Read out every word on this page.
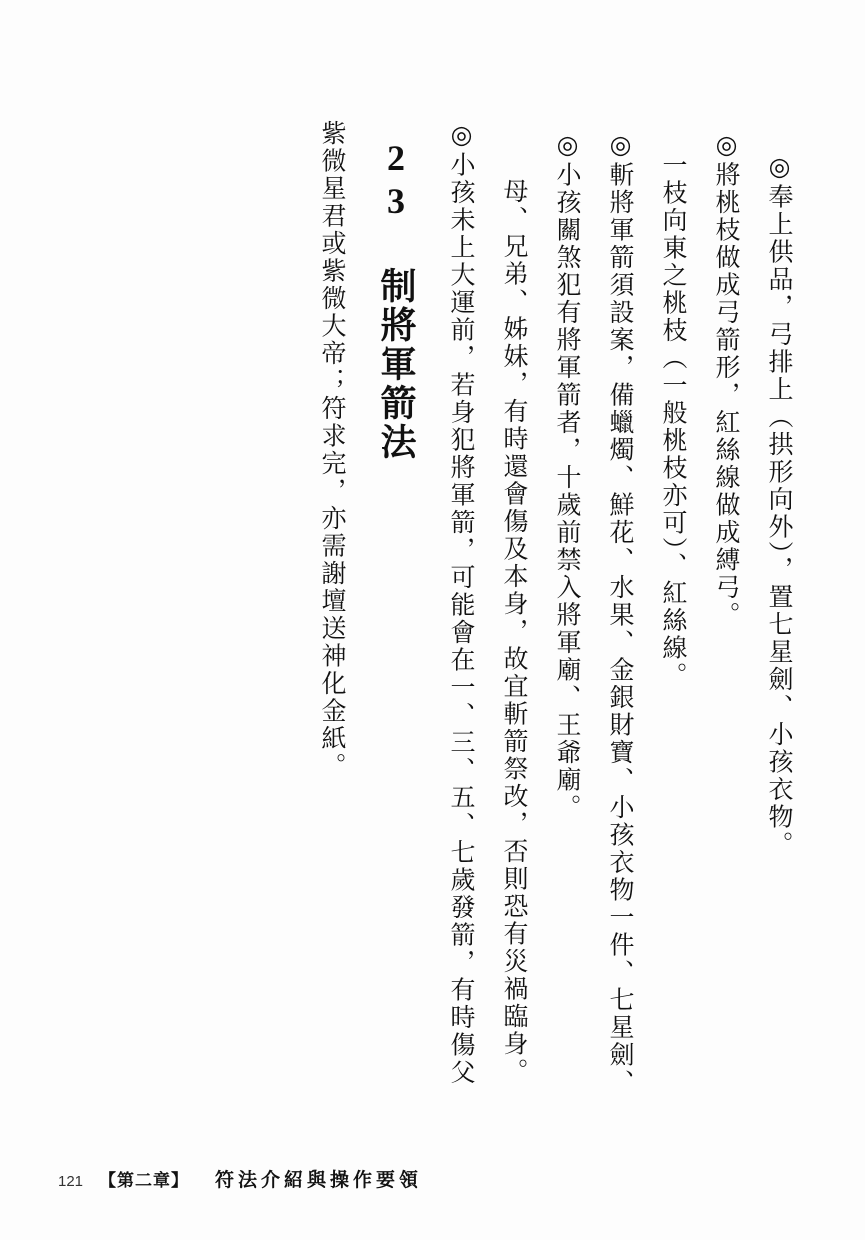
紫微星君或紫微大帝；符求完，亦需謝壇送神化金紙。 23 制將軍箭法 ◎小孩未上大運前，若身犯將軍箭，可能會在一、三、五、七歲發箭，有時傷父 母、兄弟、姊妹，有時還會傷及本身，故宜斬箭祭改，否則恐有災禍臨身。 ◎小孩關煞犯有將軍箭者，十歲前禁入將軍廟、王爺廟。 ◎斬將軍箭須設案，備蠟燭、鮮花、水果、金銀財寶、小孩衣物一件、七星劍、 一枝向東之桃枝（一般桃枝亦可）、紅絲線。 ◎將桃枝做成弓箭形，紅絲線做成縛弓。 ◎奉上供品，弓排上（拱形向外），置七星劍、小孩衣物。
121 【第二章】 符法介紹與操作要領
